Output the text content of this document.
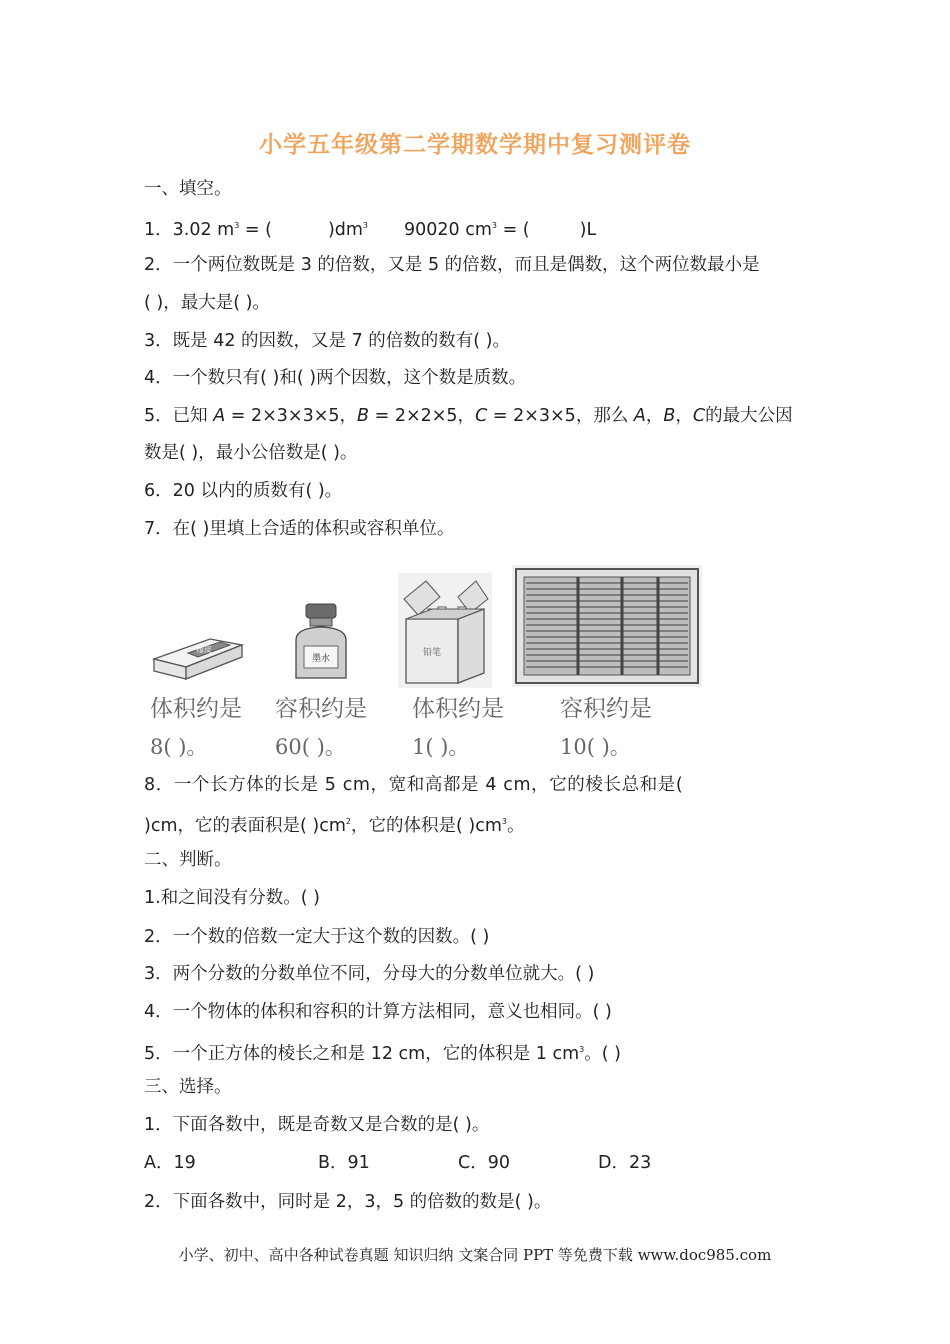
小学五年级第二学期数学期中复习测评卷
一、填空。
1．3.02 $m^3$ = (	)$dm^3$ 90020 $cm^3$ = (	)L
2．一个两位数既是 3 的倍数，又是 5 的倍数，而且是偶数，这个两位数最小是
( )，最大是( )。
3．既是 42 的因数，又是 7 的倍数的数有( )。
4．一个数只有( )和( )两个因数，这个数是质数。
5．已知 A = 2×3×3×5，B = 2×2×5，C = 2×3×5，那么 A，B，C的最大公因
数是( )，最小公倍数是( )。
6．20 以内的质数有( )。
7．在( )里填上合适的体积或容积单位。
橡皮
墨水
铅笔
体积约是 容积约是 体积约是 容积约是
8( )。	60( )。	1( )。	10( )。
8．一个长方体的长是 5 cm，宽和高都是 4 cm，它的棱长总和是(
)cm，它的表面积是( )$cm^2$，它的体积是( )$cm^3$。
二、判断。
1.和之间没有分数。( )
2．一个数的倍数一定大于这个数的因数。( )
3．两个分数的分数单位不同，分母大的分数单位就大。( )
4．一个物体的体积和容积的计算方法相同，意义也相同。( )
5．一个正方体的棱长之和是 12 cm，它的体积是 1 $cm^3$。( )
三、选择。
1．下面各数中，既是奇数又是合数的是( )。
A．19	B．91	C．90	D．23
2．下面各数中，同时是 2，3，5 的倍数的数是( )。
小学、初中、高中各种试卷真题 知识归纳 文案合同 PPT 等免费下载 www.doc985.com
